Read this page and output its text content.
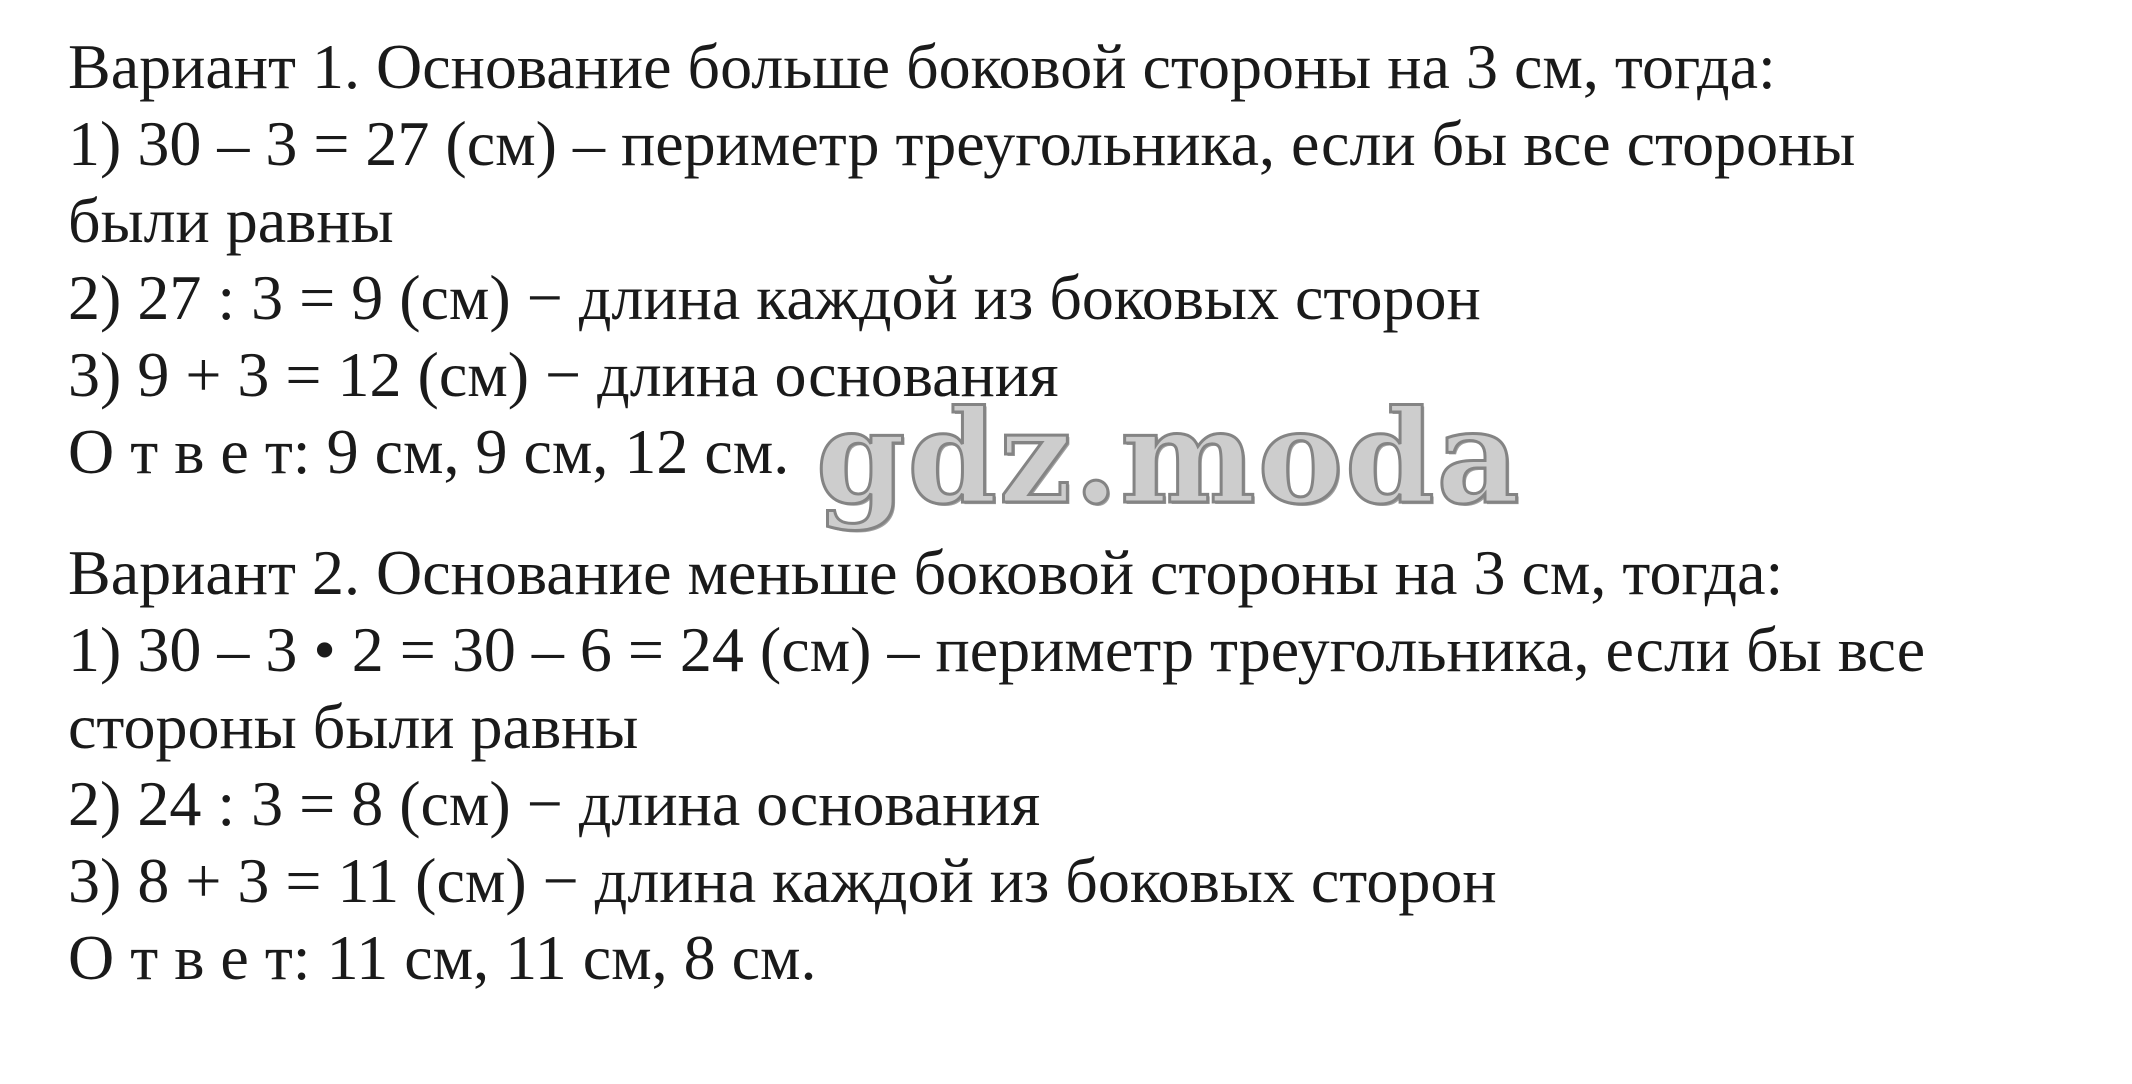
Вариант 1. Основание больше боковой стороны на 3 см, тогда:
1) 30 – 3 = 27 (см) – периметр треугольника, если бы все стороны
были равны
2) 27 : 3 = 9 (см) − длина каждой из боковых сторон
3) 9 + 3 = 12 (см) − длина основания
О т в е т: 9 см, 9 см, 12 см.
Вариант 2. Основание меньше боковой стороны на 3 см, тогда:
1) 30 – 3 • 2 = 30 – 6 = 24 (см) – периметр треугольника, если бы все
стороны были равны
2) 24 : 3 = 8 (см) − длина основания
3) 8 + 3 = 11 (см) − длина каждой из боковых сторон
О т в е т: 11 см, 11 см, 8 см.
gdz.moda
